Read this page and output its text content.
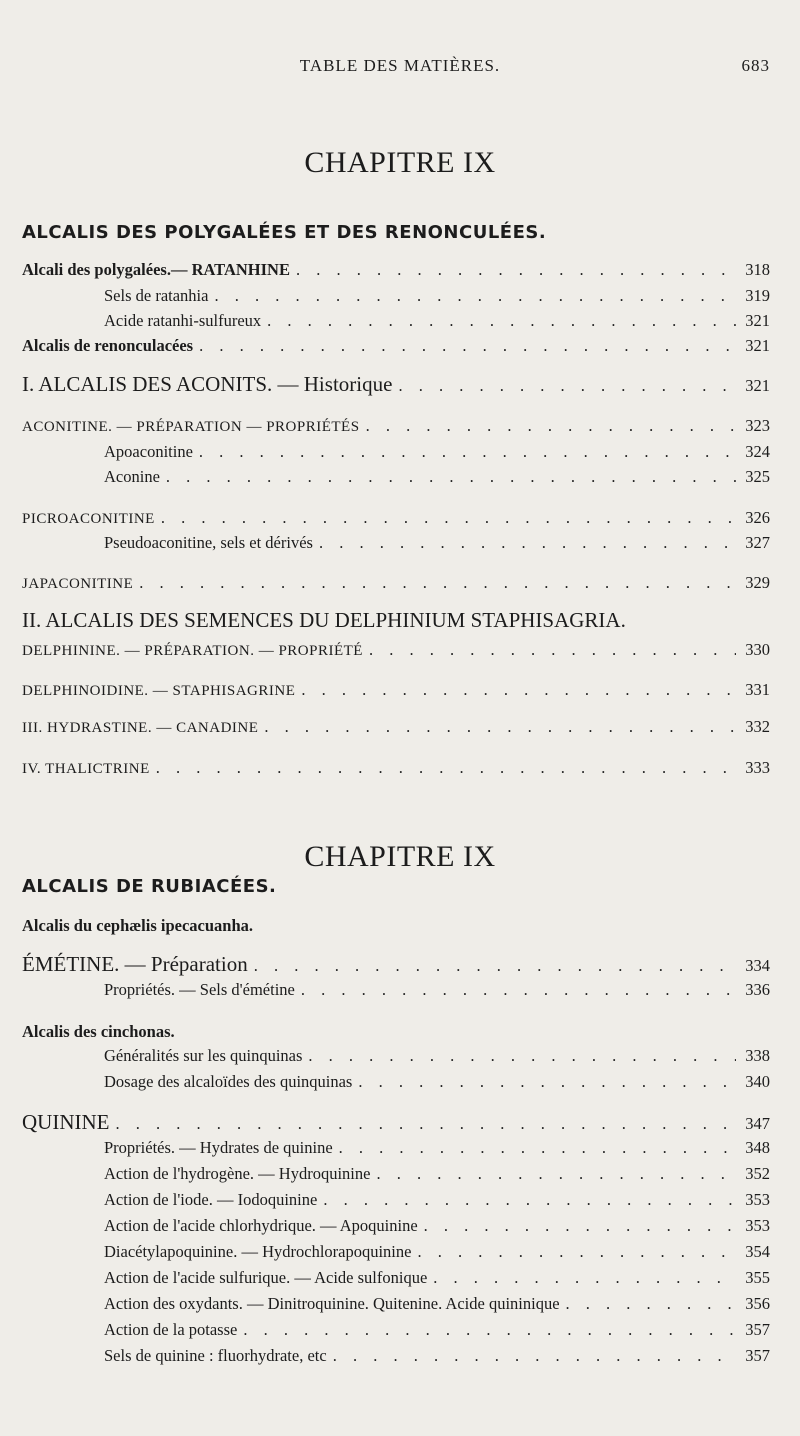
TABLE DES MATIÈRES.	683
CHAPITRE IX
ALCALIS DES POLYGALÉES ET DES RENONCULÉES.
Alcali des polygalées.— RATANHINE . . .	318
Sels de ratanhia . . .	319
Acide ratanhi-sulfureux . . .	321
Alcalis de renonculacées . . .	321
I. ALCALIS DES ACONITS. — Historique . . .	321
ACONITINE. — PRÉPARATION — PROPRIÉTÉS . . .	323
Apoaconitine . . .	324
Aconine . . .	325
PICROACONITINE . . .	326
Pseudoaconitine, sels et dérivés . . .	327
JAPACONITINE . . .	329
II. ALCALIS DES SEMENCES DU DELPHINIUM STAPHISAGRIA.
DELPHININE. — PRÉPARATION. — PROPRIÉTÉ . . .	330
DELPHINOIDINE. — STAPHISAGRINE . . .	331
III. HYDRASTINE. — CANADINE . . .	332
IV. THALICTRINE . . .	333
CHAPITRE IX
ALCALIS DE RUBIACÉES.
Alcalis du cephælis ipecacuanha.
ÉMÉTINE. — Préparation . . .	334
Propriétés. — Sels d'émétine . . .	336
Alcalis des cinchonas.
Généralités sur les quinquinas . . .	338
Dosage des alcaloïdes des quinquinas . . .	340
QUININE . . .	347
Propriétés. — Hydrates de quinine . . .	348
Action de l'hydrogène. — Hydroquinine . . .	352
Action de l'iode. — Iodoquinine . . .	353
Action de l'acide chlorhydrique. — Apoquinine . . .	353
Diacétylapoquinine. — Hydrochlorapoquinine . . .	354
Action de l'acide sulfurique. — Acide sulfonique . . .	355
Action des oxydants. — Dinitroquinine. Quitenine. Acide quininique . . .	356
Action de la potasse . . .	357
Sels de quinine : fluorhydrate, etc . . .	357
